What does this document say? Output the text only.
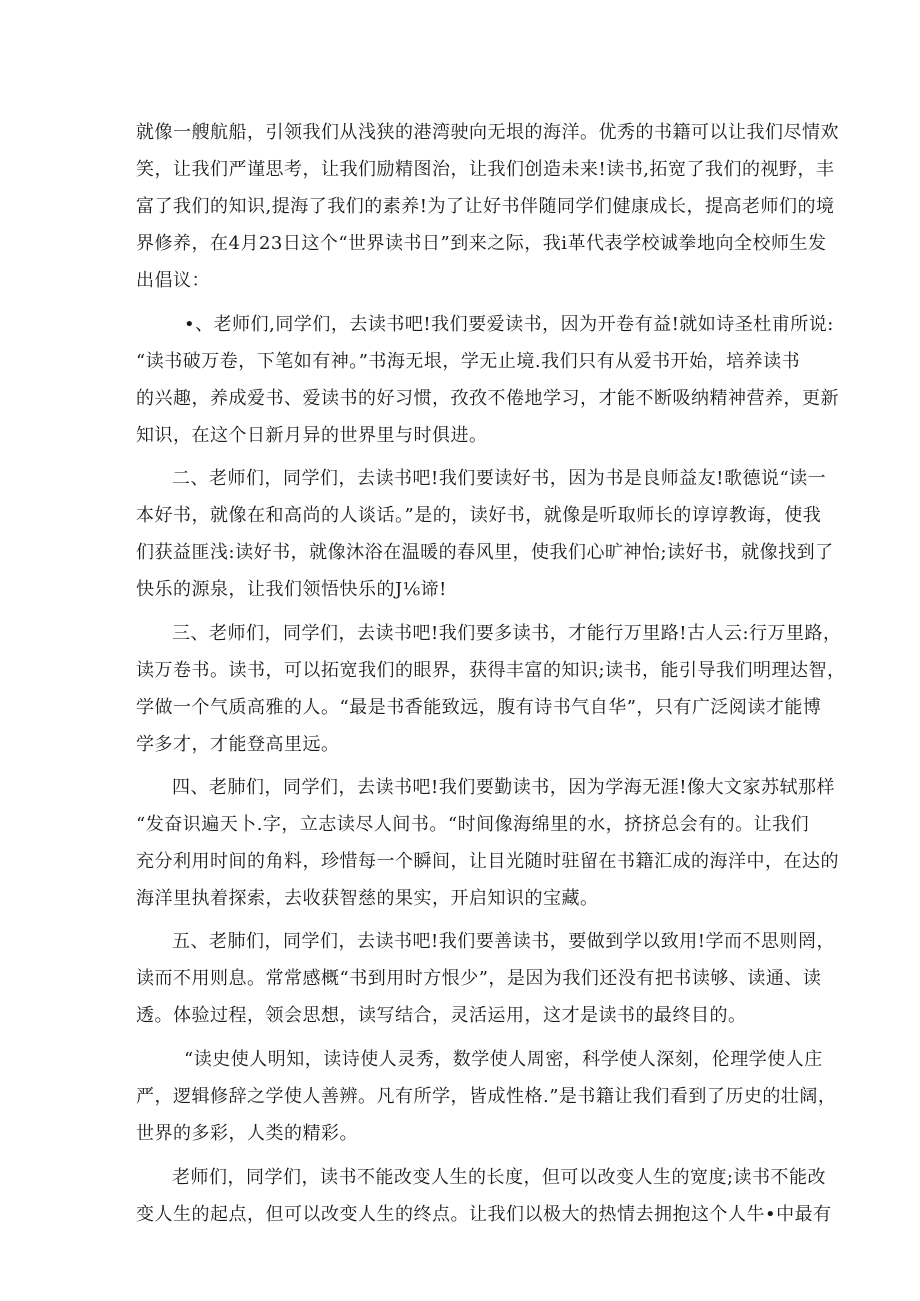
就像一艘航船，引领我们从浅狭的港湾驶向无垠的海洋。优秀的书籍可以让我们尽情欢
笑，让我们严谨思考，让我们励精图治，让我们创造未来!读书,拓宽了我们的视野，丰
富了我们的知识,提海了我们的素养!为了让好书伴随同学们健康成长，提高老师们的境
界修养，在4月23日这个“世界读书日”到来之际，我i革代表学校诚拳地向全校师生发
出倡议：
•、老师们,同学们，去读书吧!我们要爱读书，因为开卷有益!就如诗圣杜甫所说:
“读书破万卷，下笔如有神。”书海无垠，学无止境.我们只有从爱书开始，培养读书
的兴趣，养成爱书、爱读书的好习惯，孜孜不倦地学习，才能不断吸纳精神营养，更新
知识，在这个日新月异的世界里与时俱进。
二、老师们，同学们，去读书吧!我们要读好书，因为书是良师益友!歌德说“读一
本好书，就像在和高尚的人谈话。”是的，读好书，就像是听取师长的谆谆教诲，使我
们获益匪浅:读好书，就像沐浴在温暖的春风里，使我们心旷神怡;读好书，就像找到了
快乐的源泉，让我们领悟快乐的J⅙谛!
三、老师们，同学们，去读书吧!我们要多读书，才能行万里路!古人云:行万里路，
读万卷书。读书，可以拓宽我们的眼界，获得丰富的知识;读书，能引导我们明理达智，
学做一个气质高雅的人。“最是书香能致远，腹有诗书气自华”，只有广泛阅读才能博
学多才，才能登高里远。
四、老肺们，同学们，去读书吧!我们要勤读书，因为学海无涯!像大文家苏轼那样
“发奋识遍天卜.字，立志读尽人间书。“时间像海绵里的水，挤挤总会有的。让我们
充分利用时间的角料，珍惜每一个瞬间，让目光随时驻留在书籍汇成的海洋中，在达的
海洋里执着探索，去收获智慈的果实，开启知识的宝藏。
五、老肺们，同学们，去读书吧!我们要善读书，要做到学以致用!学而不思则罔，
读而不用则息。常常感概“书到用时方恨少”，是因为我们还没有把书读够、读通、读
透。体验过程，领会思想，读写结合，灵活运用，这才是读书的最终目的。
“读史使人明知，读诗使人灵秀，数学使人周密，科学使人深刻，伦理学使人庄
严，逻辑修辞之学使人善辨。凡有所学，皆成性格.”是书籍让我们看到了历史的壮阔，
世界的多彩，人类的精彩。
老师们，同学们，读书不能改变人生的长度，但可以改变人生的宽度;读书不能改
变人生的起点，但可以改变人生的终点。让我们以极大的热情去拥抱这个人牛•中最有
